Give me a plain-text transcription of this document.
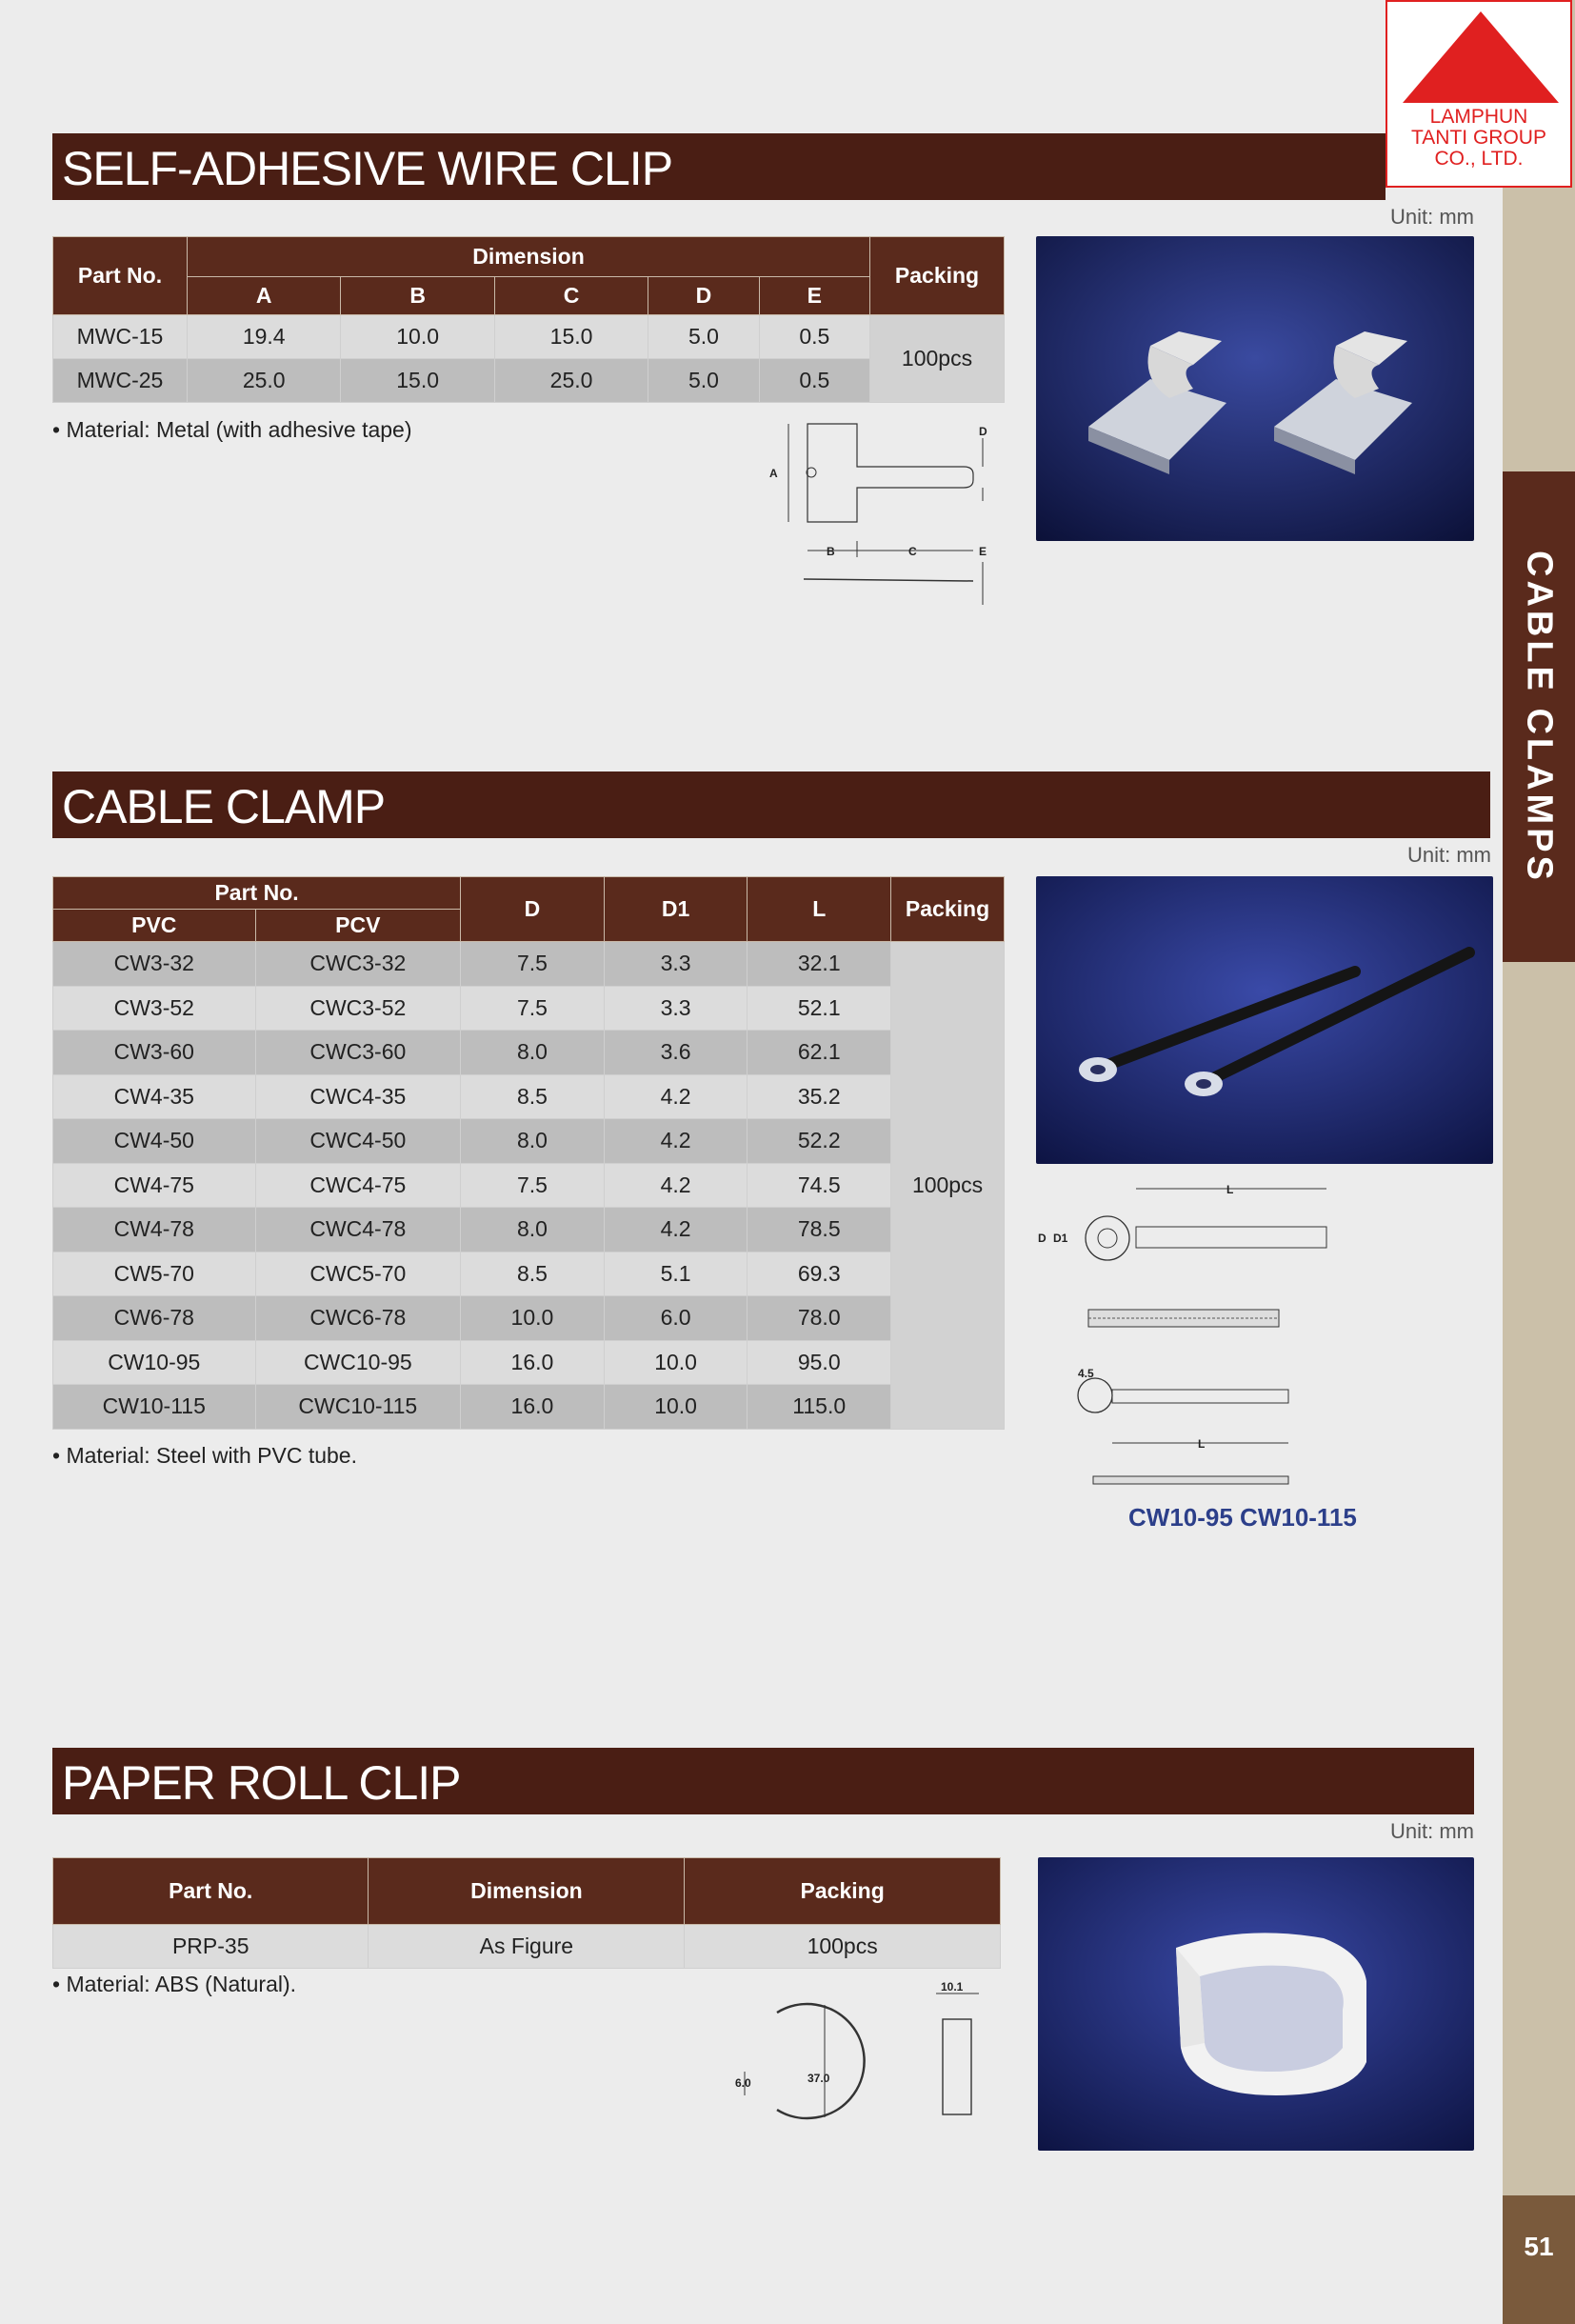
CABLE CLAMPS
51
LAMPHUN
TANTI GROUP
CO., LTD.
SELF-ADHESIVE WIRE CLIP
Unit: mm
Part No.	Dimension					Packing
	A	B	C	D	E	
MWC-15	19.4	10.0	15.0	5.0	0.5	100pcs
MWC-25	25.0	15.0	25.0	5.0	0.5	
• Material: Metal (with adhesive tape)
A
D
B	C	E
CABLE CLAMP
Unit: mm
Part No.		D	D1	L	Packing
PVC	PCV				
CW3-32	CWC3-32	7.5	3.3	32.1	100pcs
CW3-52	CWC3-52	7.5	3.3	52.1	
CW3-60	CWC3-60	8.0	3.6	62.1	
CW4-35	CWC4-35	8.5	4.2	35.2	
CW4-50	CWC4-50	8.0	4.2	52.2	
CW4-75	CWC4-75	7.5	4.2	74.5	
CW4-78	CWC4-78	8.0	4.2	78.5	
CW5-70	CWC5-70	8.5	5.1	69.3	
CW6-78	CWC6-78	10.0	6.0	78.0	
CW10-95	CWC10-95	16.0	10.0	95.0	
CW10-115	CWC10-115	16.0	10.0	115.0	
• Material: Steel with PVC tube.
L
D D1
4.5
L
CW10-95 CW10-115
PAPER ROLL CLIP
Unit: mm
Part No.	Dimension	Packing
PRP-35	As Figure	100pcs
• Material: ABS (Natural).
37.0
6.0
10.1
